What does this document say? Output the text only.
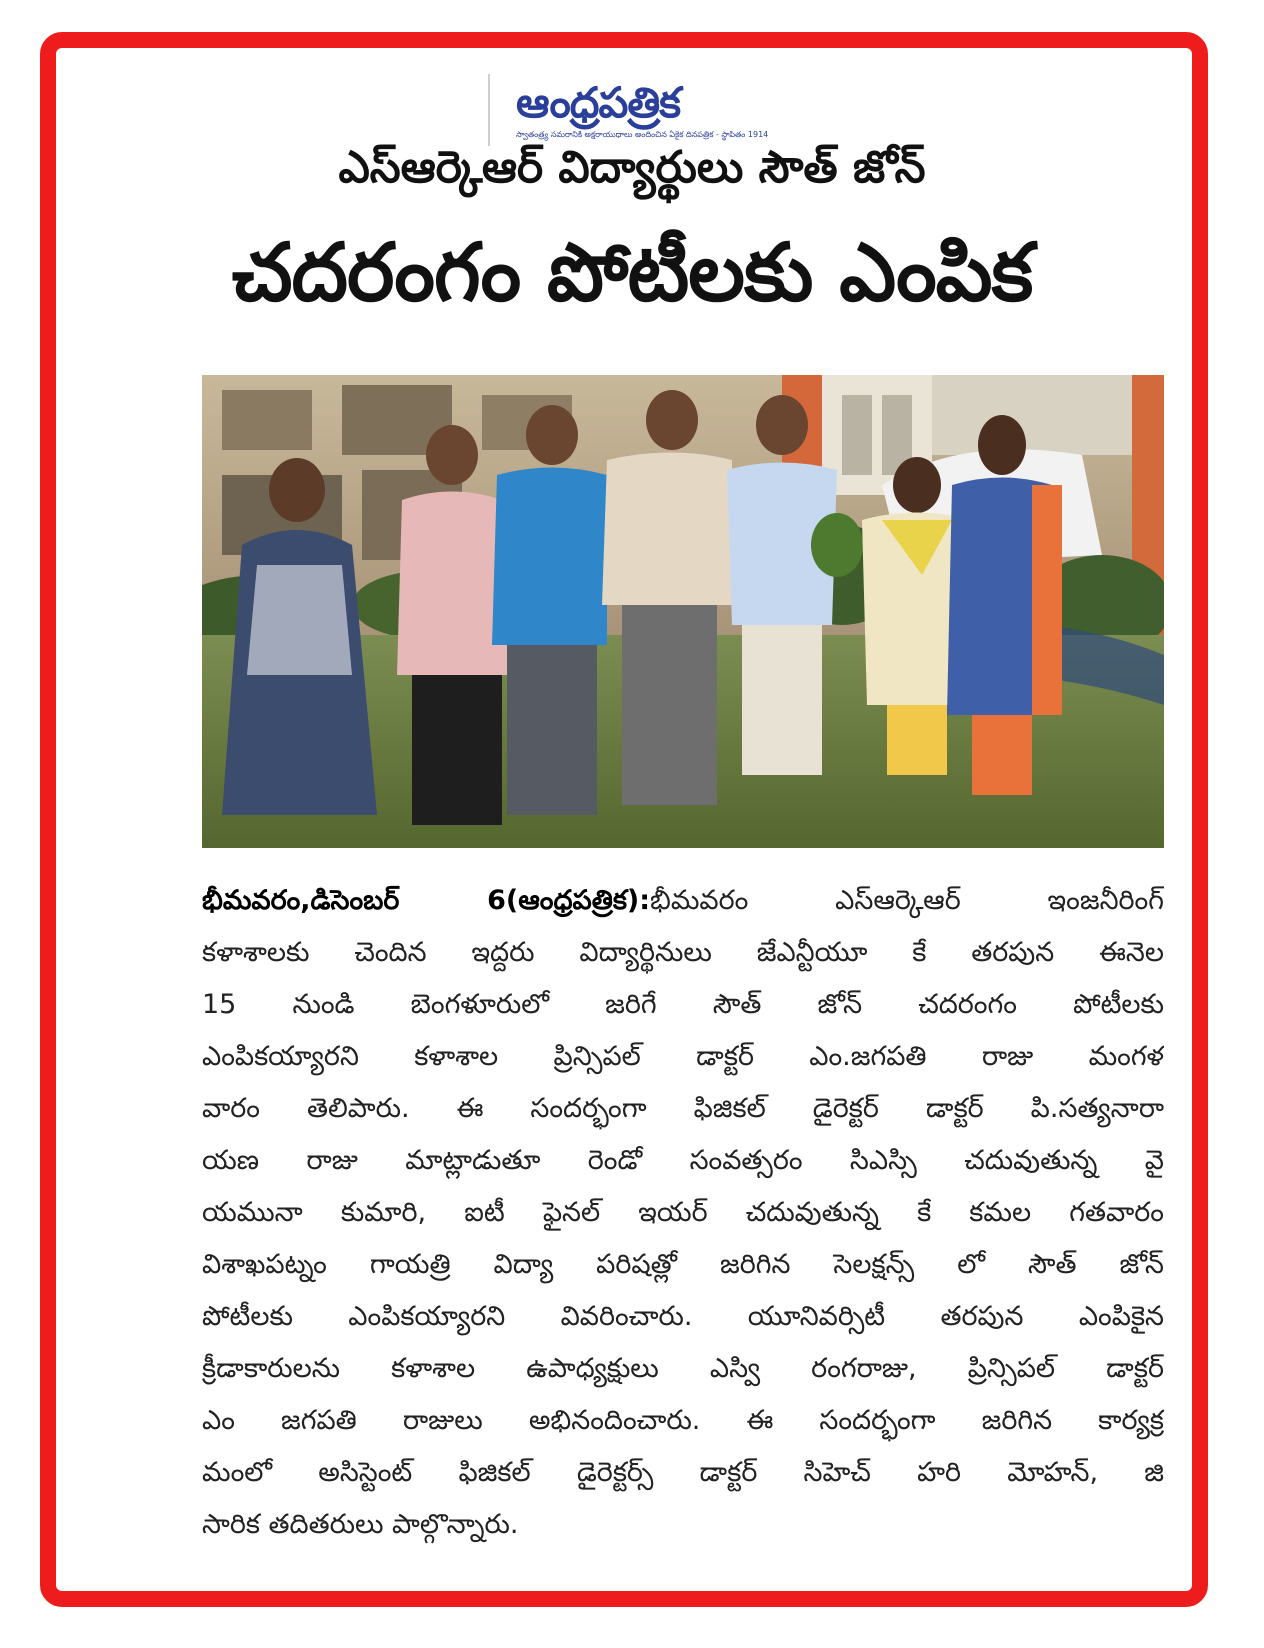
ఆంధ్రపత్రిక
స్వాతంత్ర్య సమరానికి అక్షరాయుధాలు అందించిన ఏకైక దినపత్రిక - స్థాపితం 1914
ఎస్ఆర్కెఆర్ విద్యార్థులు సౌత్ జోన్
చదరంగం పోటీలకు ఎంపిక
భీమవరం,డిసెంబర్ 6(ఆంధ్రపత్రిక):భీమవరం ఎస్ఆర్కెఆర్ ఇంజనీరింగ్
కళాశాలకు చెందిన ఇద్దరు విద్యార్థినులు జేఎన్టీయూ కే తరపున ఈనెల
15 నుండి బెంగళూరులో జరిగే సౌత్ జోన్ చదరంగం పోటీలకు
ఎంపికయ్యారని కళాశాల ప్రిన్సిపల్ డాక్టర్ ఎం.జగపతి రాజు మంగళ
వారం తెలిపారు. ఈ సందర్భంగా ఫిజికల్ డైరెక్టర్ డాక్టర్ పి.సత్యనారా
యణ రాజు మాట్లాడుతూ రెండో సంవత్సరం సిఎస్సి చదువుతున్న వై
యమునా కుమారి, ఐటీ ఫైనల్ ఇయర్ చదువుతున్న కే కమల గతవారం
విశాఖపట్నం గాయత్రి విద్యా పరిషత్లో జరిగిన సెలక్షన్స్ లో సౌత్ జోన్
పోటీలకు ఎంపికయ్యారని వివరించారు. యూనివర్సిటీ తరపున ఎంపికైన
క్రీడాకారులను కళాశాల ఉపాధ్యక్షులు ఎస్వి రంగరాజు, ప్రిన్సిపల్ డాక్టర్
ఎం జగపతి రాజులు అభినందించారు. ఈ సందర్భంగా జరిగిన కార్యక్ర
మంలో అసిస్టెంట్ ఫిజికల్ డైరెక్టర్స్ డాక్టర్ సిహెచ్ హరి మోహన్, జి
సారిక తదితరులు పాల్గొన్నారు.
